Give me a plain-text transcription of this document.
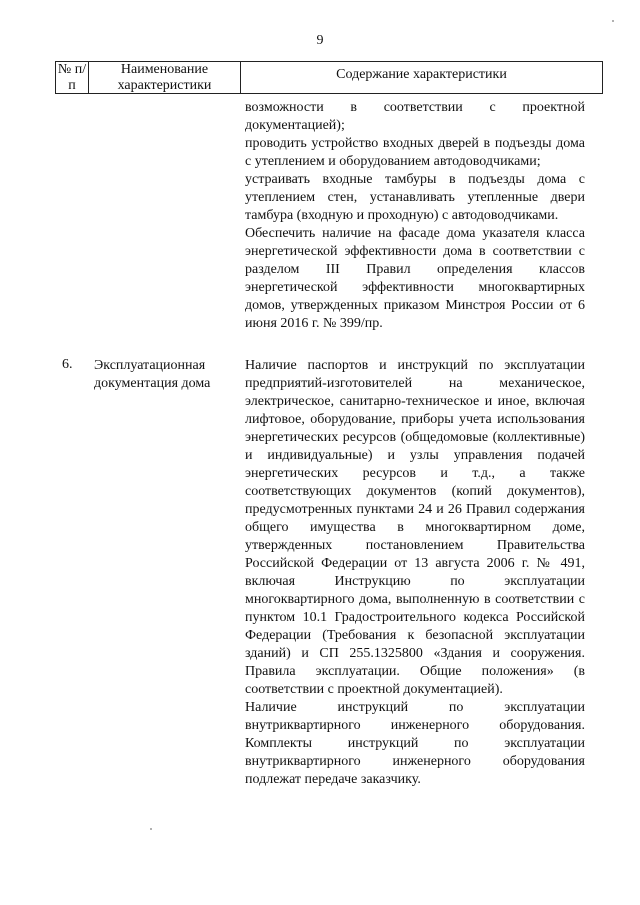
9
№ п/п
Наименование характеристики
Содержание характеристики

возможности в соответствии с проектной документацией);

проводить устройство входных дверей в подъезды дома с утеплением и оборудованием автодоводчиками;

устраивать входные тамбуры в подъезды дома с утеплением стен, устанавливать утепленные двери тамбура (входную и проходную) с автодоводчиками.

Обеспечить наличие на фасаде дома указателя класса энергетической эффективности дома в соответствии с разделом III Правил определения классов энергетической эффективности многоквартирных домов, утвержденных приказом Минстроя России от 6 июня 2016 г. № 399/пр.

6. Эксплуатационная документация дома

Наличие паспортов и инструкций по эксплуатации предприятий-изготовителей на механическое, электрическое, санитарно-техническое и иное, включая лифтовое, оборудование, приборы учета использования энергетических ресурсов (общедомовые (коллективные) и индивидуальные) и узлы управления подачей энергетических ресурсов и т.д., а также соответствующих документов (копий документов), предусмотренных пунктами 24 и 26 Правил содержания общего имущества в многоквартирном доме, утвержденных постановлением Правительства Российской Федерации от 13 августа 2006 г. № 491, включая Инструкцию по эксплуатации многоквартирного дома, выполненную в соответствии с пунктом 10.1 Градостроительного кодекса Российской Федерации (Требования к безопасной эксплуатации зданий) и СП 255.1325800 «Здания и сооружения. Правила эксплуатации. Общие положения» (в соответствии с проектной документацией).

Наличие инструкций по эксплуатации внутриквартирного инженерного оборудования. Комплекты инструкций по эксплуатации внутриквартирного инженерного оборудования подлежат передаче заказчику.
